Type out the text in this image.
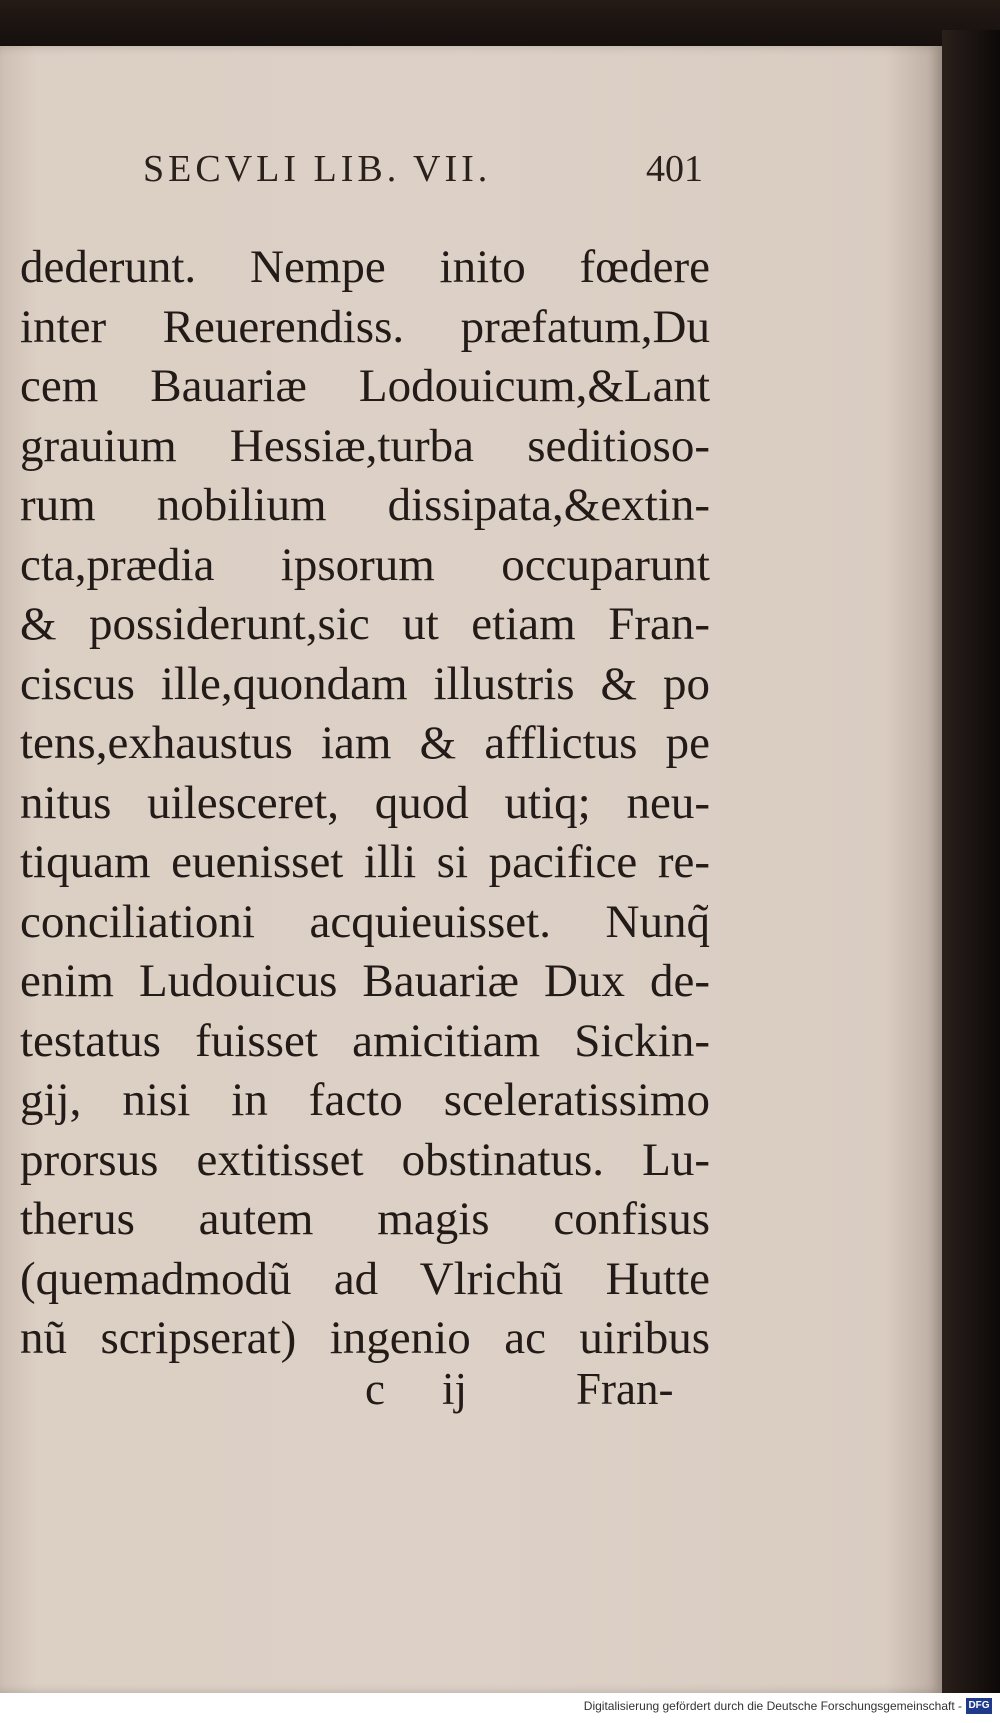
SECVLI LIB. VII.	401
dederunt. Nempe inito fœdere
inter Reuerendiss. præfatum,Du
cem Bauariæ Lodouicum,&Lant
grauium Hessiæ,turba seditioso-
rum nobilium dissipata,&extin-
cta,prædia ipsorum occuparunt
& possiderunt,sic ut etiam Fran-
ciscus ille,quondam illustris & po
tens,exhaustus iam & afflictus pe
nitus uilesceret, quod utiq; neu-
tiquam euenisset illi si pacifice re-
conciliationi acquieuisset. Nunq̃
enim Ludouicus Bauariæ Dux de-
testatus fuisset amicitiam Sickin-
gij, nisi in facto sceleratissimo
prorsus extitisset obstinatus. Lu-
therus autem magis confisus
(quemadmodũ ad Vlrichũ Hutte
nũ scripserat) ingenio ac uiribus
c ij Fran-
Digitalisierung gefördert durch die Deutsche Forschungsgemeinschaft - DFG
